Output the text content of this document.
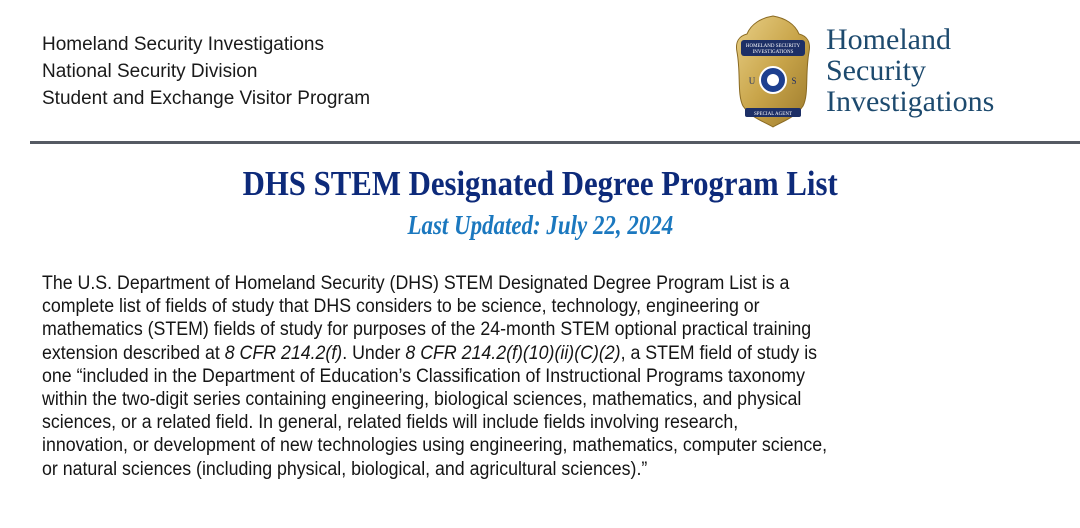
Homeland Security Investigations
National Security Division
Student and Exchange Visitor Program
HOMELAND SECURITY
INVESTIGATIONS
U	S
SPECIAL AGENT
Homeland
Security
Investigations
DHS STEM Designated Degree Program List
Last Updated: July 22, 2024
The U.S. Department of Homeland Security (DHS) STEM Designated Degree Program List is a
complete list of fields of study that DHS considers to be science, technology, engineering or
mathematics (STEM) fields of study for purposes of the 24-month STEM optional practical training
extension described at 8 CFR 214.2(f). Under 8 CFR 214.2(f)(10)(ii)(C)(2), a STEM field of study is
one “included in the Department of Education’s Classification of Instructional Programs taxonomy
within the two-digit series containing engineering, biological sciences, mathematics, and physical
sciences, or a related field. In general, related fields will include fields involving research,
innovation, or development of new technologies using engineering, mathematics, computer science,
or natural sciences (including physical, biological, and agricultural sciences).”
